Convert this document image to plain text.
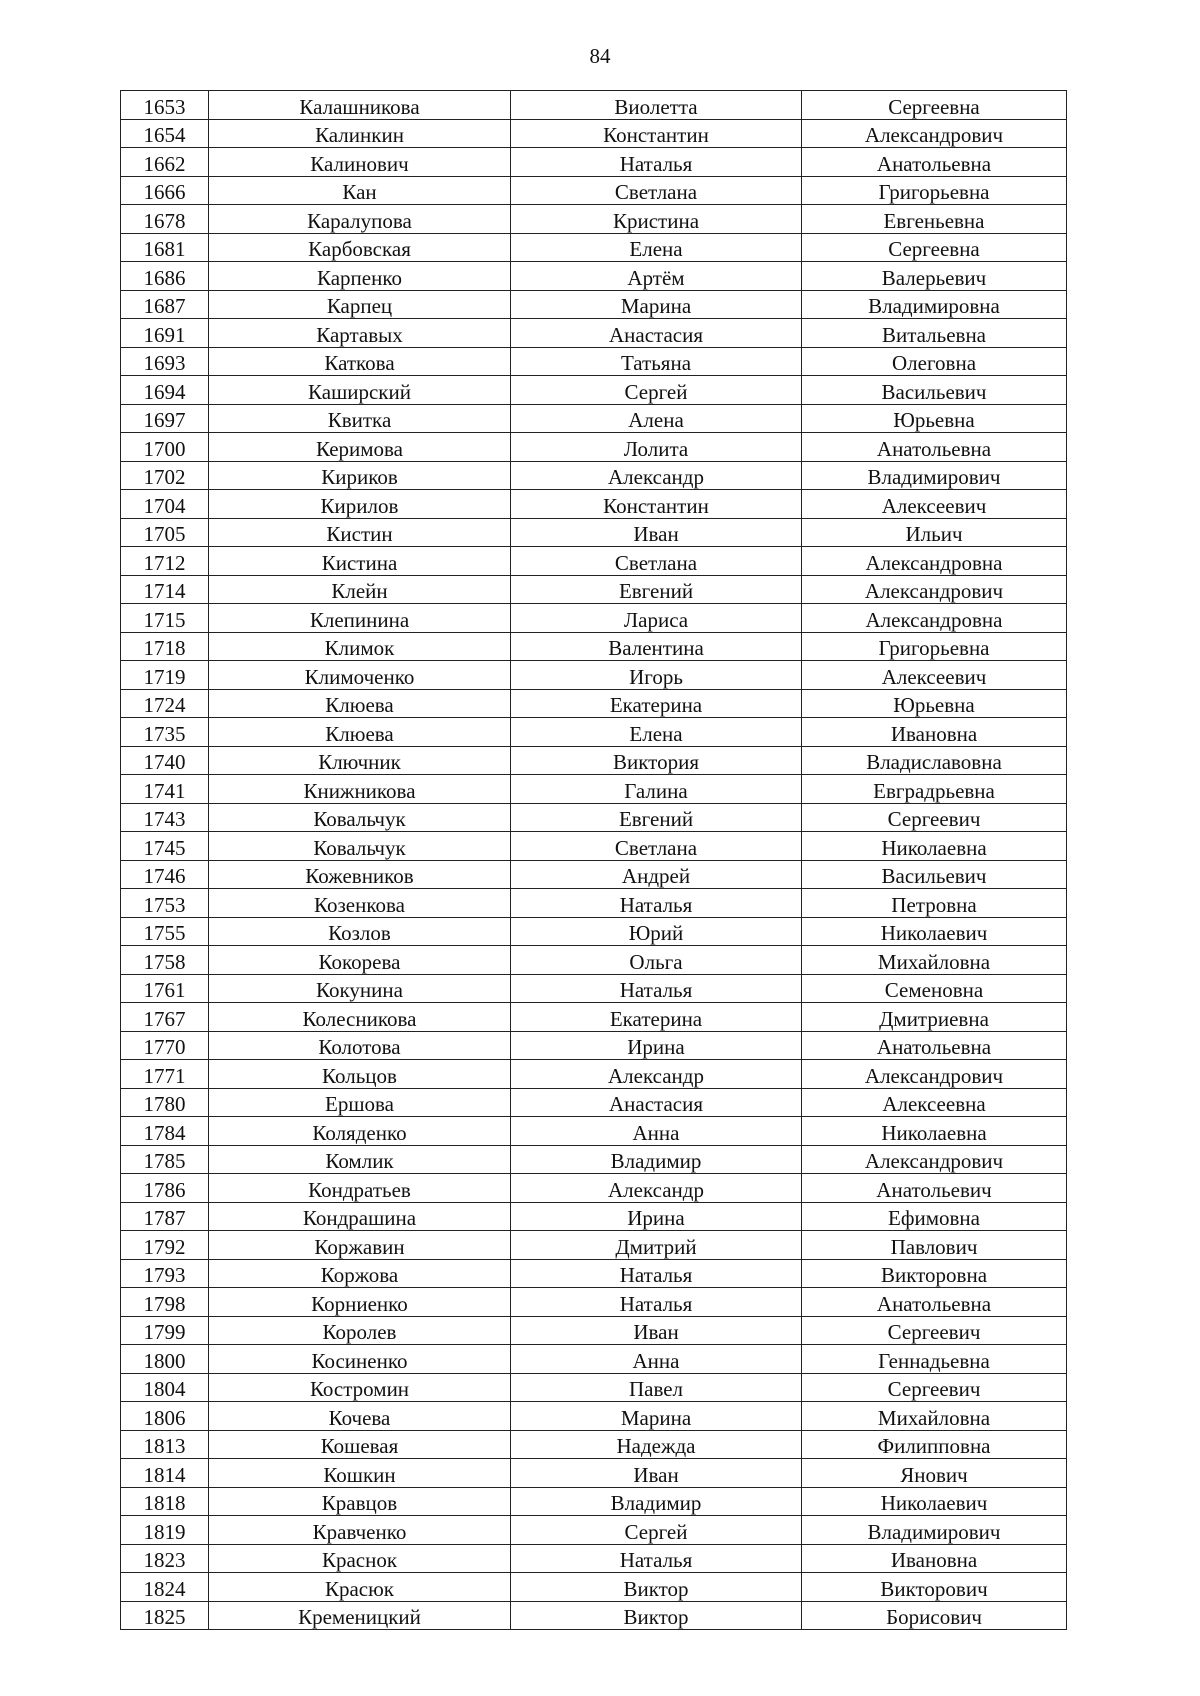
84
1653	Калашникова	Виолетта	Сергеевна
1654	Калинкин	Константин	Александрович
1662	Калинович	Наталья	Анатольевна
1666	Кан	Светлана	Григорьевна
1678	Каралупова	Кристина	Евгеньевна
1681	Карбовская	Елена	Сергеевна
1686	Карпенко	Артём	Валерьевич
1687	Карпец	Марина	Владимировна
1691	Картавых	Анастасия	Витальевна
1693	Каткова	Татьяна	Олеговна
1694	Каширский	Сергей	Васильевич
1697	Квитка	Алена	Юрьевна
1700	Керимова	Лолита	Анатольевна
1702	Кириков	Александр	Владимирович
1704	Кирилов	Константин	Алексеевич
1705	Кистин	Иван	Ильич
1712	Кистина	Светлана	Александровна
1714	Клейн	Евгений	Александрович
1715	Клепинина	Лариса	Александровна
1718	Климок	Валентина	Григорьевна
1719	Климоченко	Игорь	Алексеевич
1724	Клюева	Екатерина	Юрьевна
1735	Клюева	Елена	Ивановна
1740	Ключник	Виктория	Владиславовна
1741	Книжникова	Галина	Евградрьевна
1743	Ковальчук	Евгений	Сергеевич
1745	Ковальчук	Светлана	Николаевна
1746	Кожевников	Андрей	Васильевич
1753	Козенкова	Наталья	Петровна
1755	Козлов	Юрий	Николаевич
1758	Кокорева	Ольга	Михайловна
1761	Кокунина	Наталья	Семеновна
1767	Колесникова	Екатерина	Дмитриевна
1770	Колотова	Ирина	Анатольевна
1771	Кольцов	Александр	Александрович
1780	Ершова	Анастасия	Алексеевна
1784	Коляденко	Анна	Николаевна
1785	Комлик	Владимир	Александрович
1786	Кондратьев	Александр	Анатольевич
1787	Кондрашина	Ирина	Ефимовна
1792	Коржавин	Дмитрий	Павлович
1793	Коржова	Наталья	Викторовна
1798	Корниенко	Наталья	Анатольевна
1799	Королев	Иван	Сергеевич
1800	Косиненко	Анна	Геннадьевна
1804	Костромин	Павел	Сергеевич
1806	Кочева	Марина	Михайловна
1813	Кошевая	Надежда	Филипповна
1814	Кошкин	Иван	Янович
1818	Кравцов	Владимир	Николаевич
1819	Кравченко	Сергей	Владимирович
1823	Краснок	Наталья	Ивановна
1824	Красюк	Виктор	Викторович
1825	Кременицкий	Виктор	Борисович
